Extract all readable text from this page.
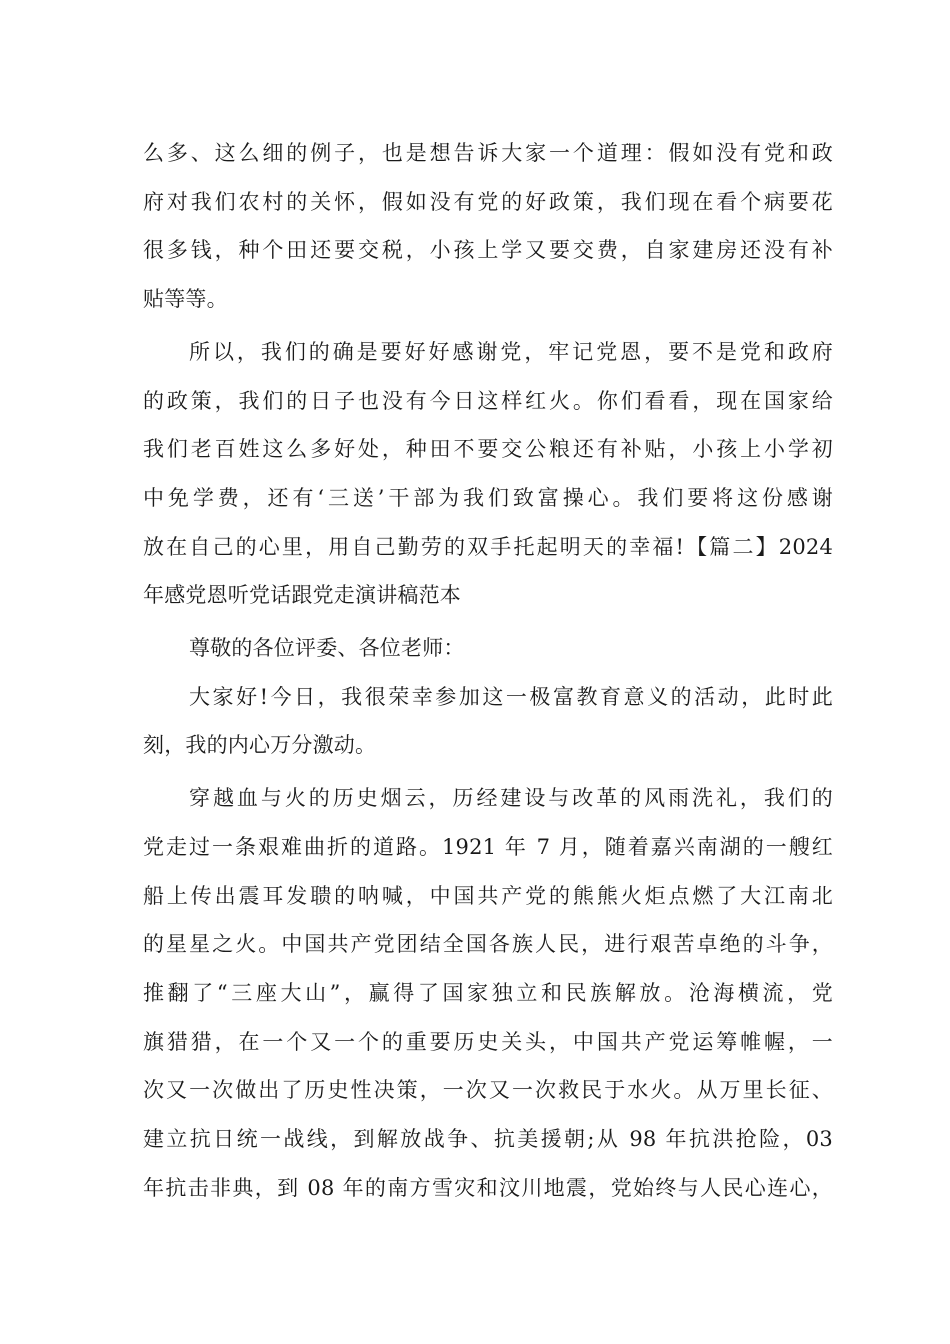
么多、这么细的例子，也是想告诉大家一个道理：假如没有党和政
府对我们农村的关怀，假如没有党的好政策，我们现在看个病要花
很多钱，种个田还要交税，小孩上学又要交费，自家建房还没有补
贴等等。
所以，我们的确是要好好感谢党，牢记党恩，要不是党和政府
的政策，我们的日子也没有今日这样红火。你们看看，现在国家给
我们老百姓这么多好处，种田不要交公粮还有补贴，小孩上小学初
中免学费，还有‘三送’干部为我们致富操心。我们要将这份感谢
放在自己的心里，用自己勤劳的双手托起明天的幸福!【篇二】2024
年感党恩听党话跟党走演讲稿范本
尊敬的各位评委、各位老师：
大家好!今日，我很荣幸参加这一极富教育意义的活动，此时此
刻，我的内心万分激动。
穿越血与火的历史烟云，历经建设与改革的风雨洗礼，我们的
党走过一条艰难曲折的道路。1921 年 7 月，随着嘉兴南湖的一艘红
船上传出震耳发聩的呐喊，中国共产党的熊熊火炬点燃了大江南北
的星星之火。中国共产党团结全国各族人民，进行艰苦卓绝的斗争，
推翻了“三座大山”，赢得了国家独立和民族解放。沧海横流，党
旗猎猎，在一个又一个的重要历史关头，中国共产党运筹帷幄，一
次又一次做出了历史性决策，一次又一次救民于水火。从万里长征、
建立抗日统一战线，到解放战争、抗美援朝;从 98 年抗洪抢险，03
年抗击非典，到 08 年的南方雪灾和汶川地震，党始终与人民心连心，
